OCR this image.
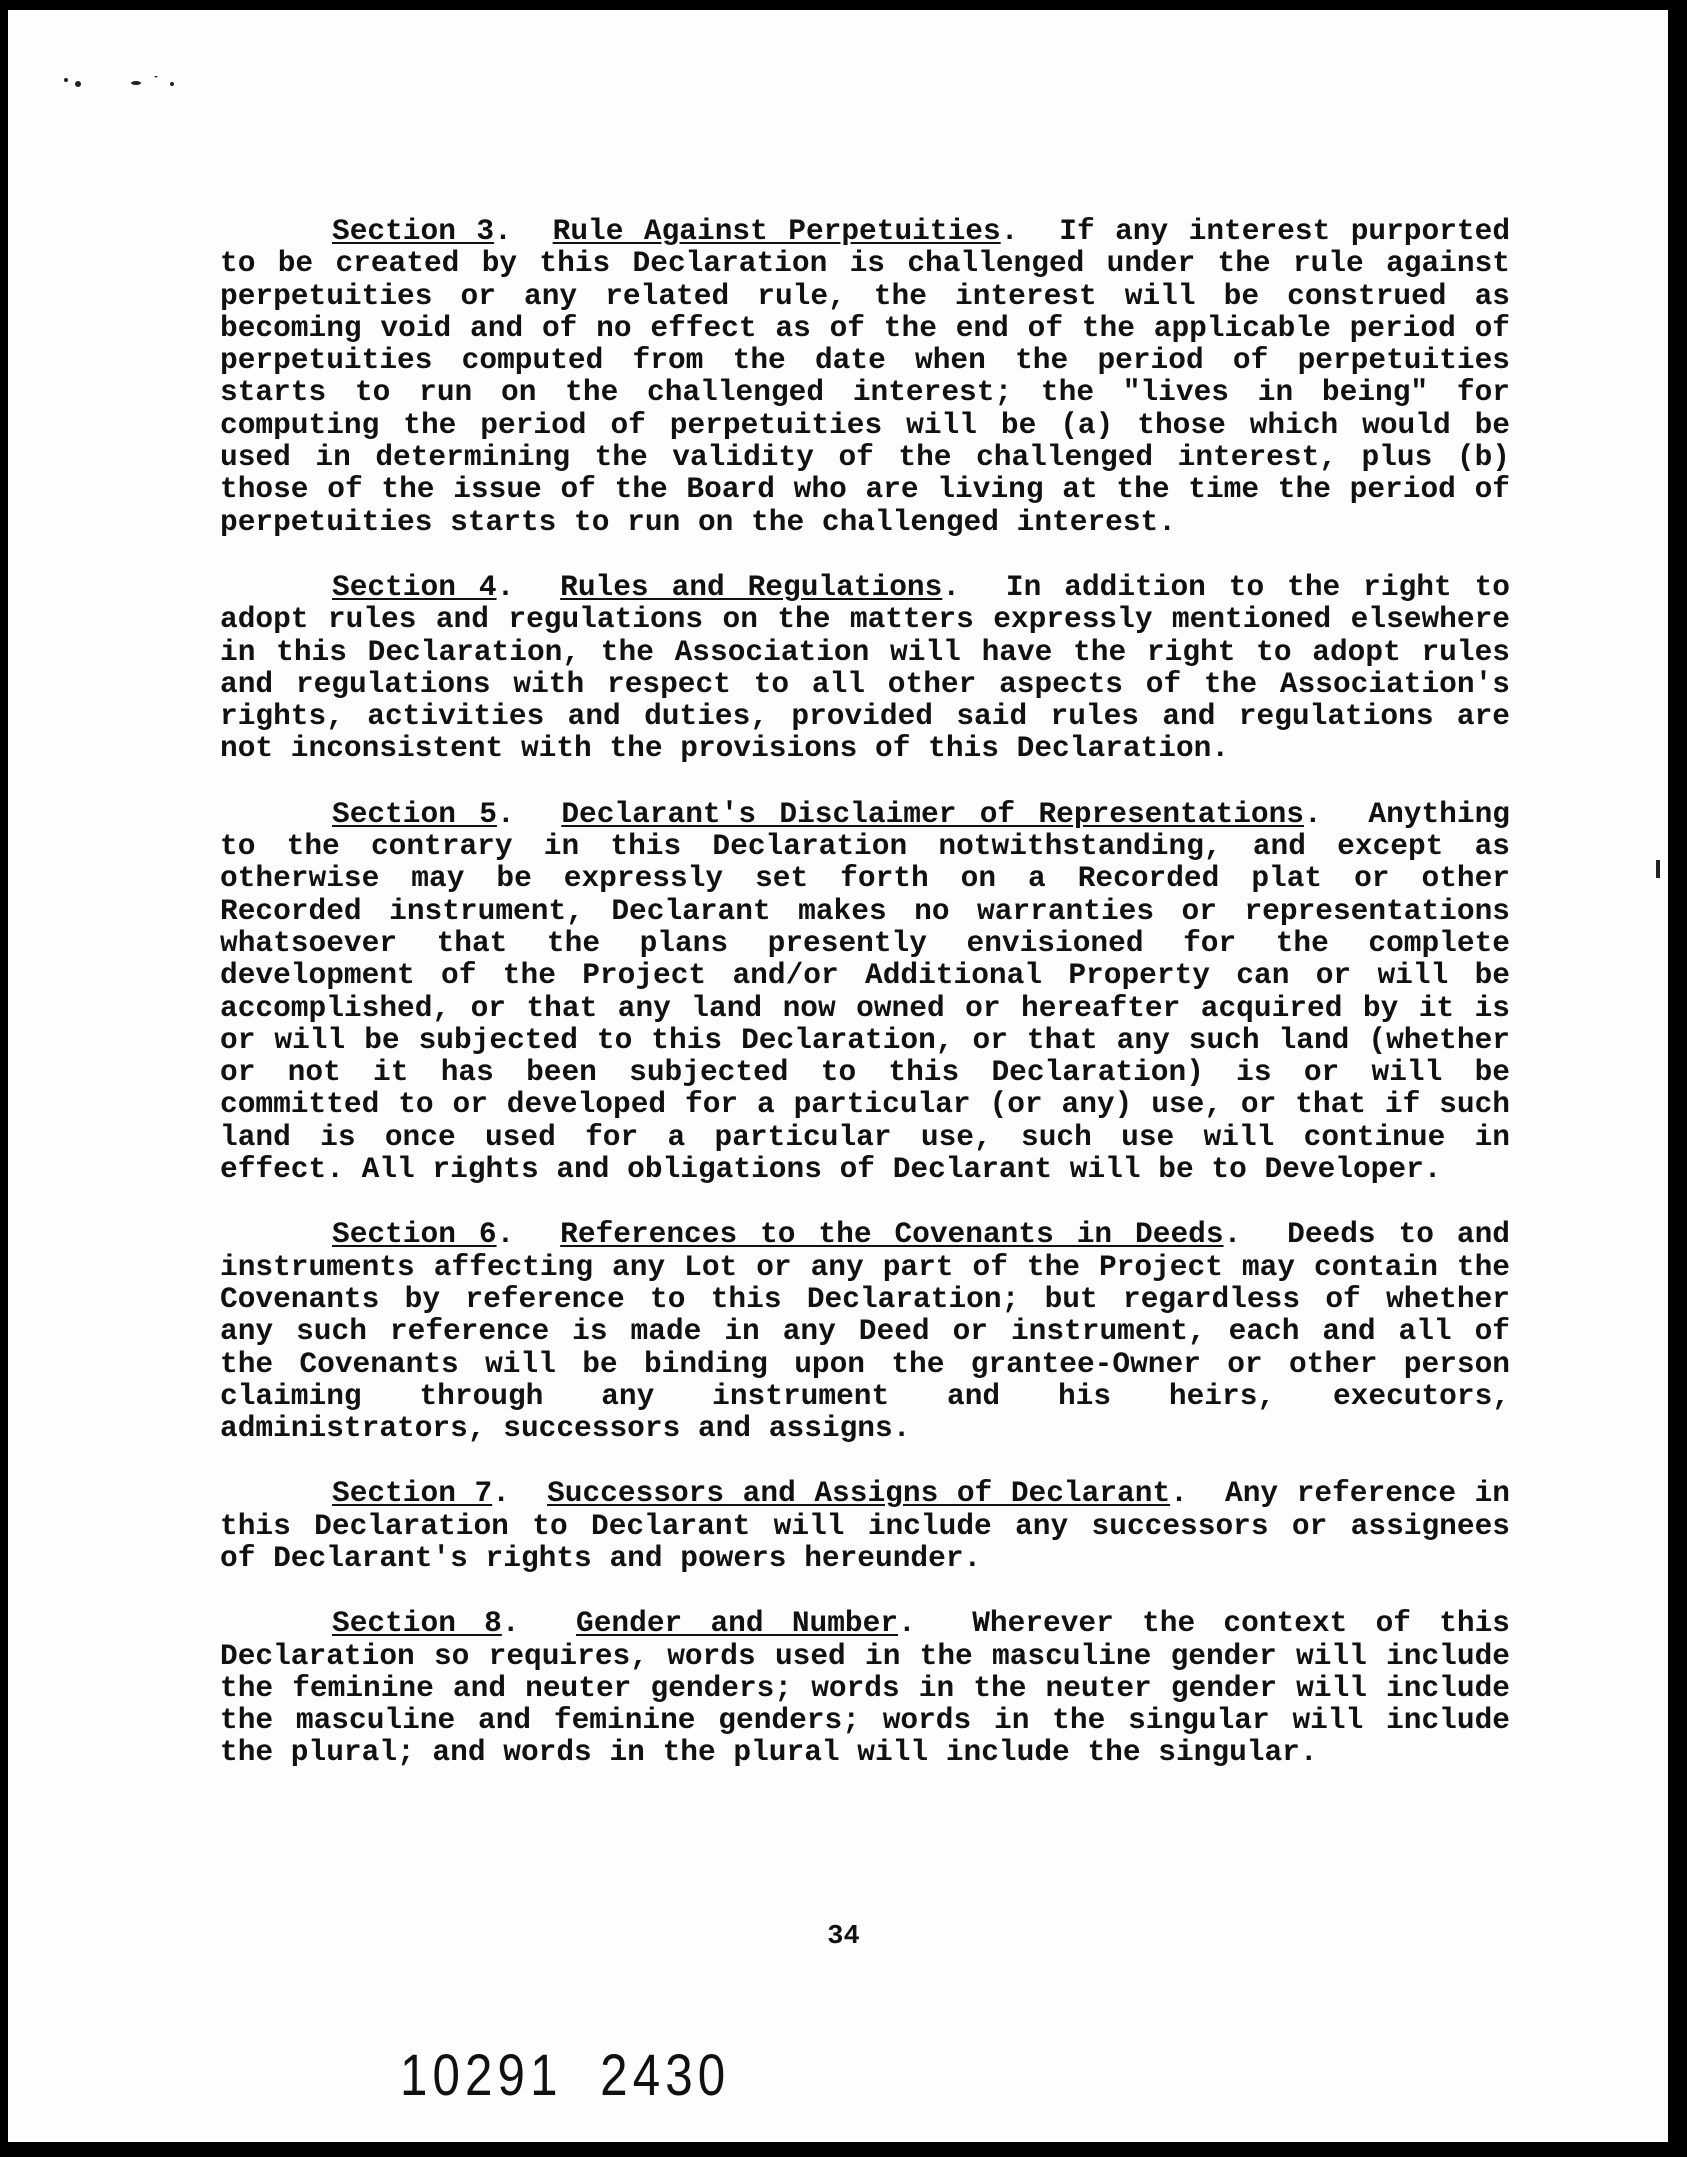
Section 3.  Rule Against Perpetuities.  If any interest purported to be created by this Declaration is challenged under the rule against perpetuities or any related rule, the interest will be construed as becoming void and of no effect as of the end of the applicable period of perpetuities computed from the date when the period of perpetuities starts to run on the challenged interest; the "lives in being" for computing the period of perpetuities will be (a) those which would be used in determining the validity of the challenged interest, plus (b) those of the issue of the Board who are living at the time the period of perpetuities starts to run on the challenged interest.

Section 4.  Rules and Regulations.  In addition to the right to adopt rules and regulations on the matters expressly mentioned elsewhere in this Declaration, the Association will have the right to adopt rules and regulations with respect to all other aspects of the Association's rights, activities and duties, provided said rules and regulations are not inconsistent with the provisions of this Declaration.

Section 5.  Declarant's Disclaimer of Representations.  Anything to the contrary in this Declaration notwithstanding, and except as otherwise may be expressly set forth on a Recorded plat or other Recorded instrument, Declarant makes no warranties or representations whatsoever that the plans presently envisioned for the complete development of the Project and/or Additional Property can or will be accomplished, or that any land now owned or hereafter acquired by it is or will be subjected to this Declaration, or that any such land (whether or not it has been subjected to this Declaration) is or will be committed to or developed for a particular (or any) use, or that if such land is once used for a particular use, such use will continue in effect. All rights and obligations of Declarant will be to Developer.

Section 6.  References to the Covenants in Deeds.  Deeds to and instruments affecting any Lot or any part of the Project may contain the Covenants by reference to this Declaration; but regardless of whether any such reference is made in any Deed or instrument, each and all of the Covenants will be binding upon the grantee-Owner or other person claiming through any instrument and his heirs, executors, administrators, successors and assigns.

Section 7.  Successors and Assigns of Declarant.  Any reference in this Declaration to Declarant will include any successors or assignees of Declarant's rights and powers hereunder.

Section 8.  Gender and Number.  Wherever the context of this Declaration so requires, words used in the masculine gender will include the feminine and neuter genders; words in the neuter gender will include the masculine and feminine genders; words in the singular will include the plural; and words in the plural will include the singular.

34
10291  2430
